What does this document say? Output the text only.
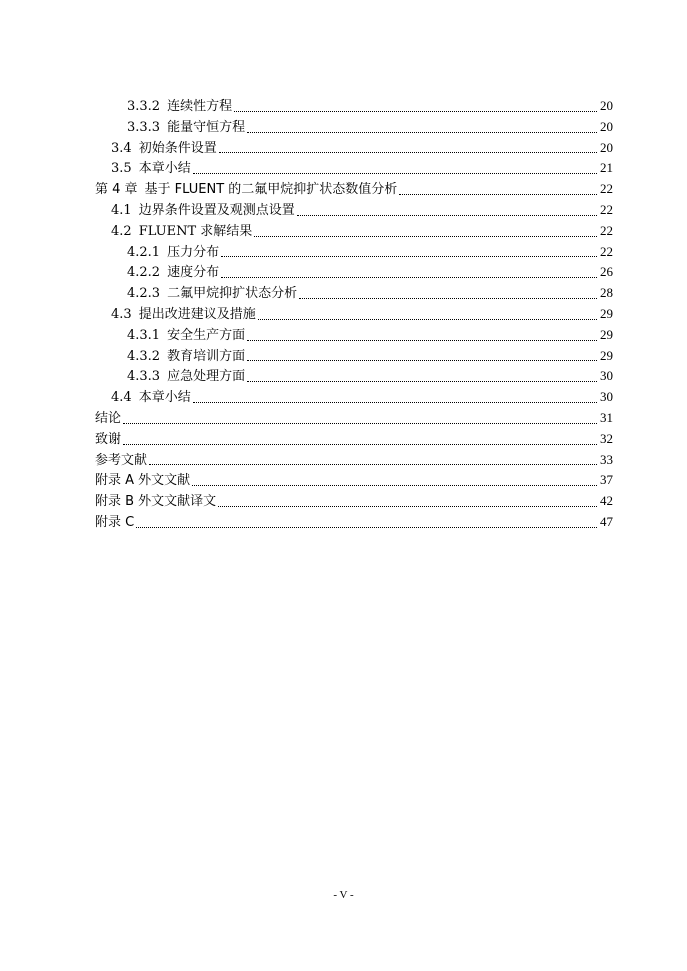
3.3.2 连续性方程	20
3.3.3 能量守恒方程	20
3.4 初始条件设置	20
3.5 本章小结	21
第 4 章 基于 FLUENT 的二氟甲烷抑扩状态数值分析	22
4.1 边界条件设置及观测点设置	22
4.2 FLUENT 求解结果	22
4.2.1 压力分布	22
4.2.2 速度分布	26
4.2.3 二氟甲烷抑扩状态分析	28
4.3 提出改进建议及措施	29
4.3.1 安全生产方面	29
4.3.2 教育培训方面	29
4.3.3 应急处理方面	30
4.4 本章小结	30
结论	31
致谢	32
参考文献	33
附录 A 外文文献	37
附录 B 外文文献译文	42
附录 C	47
- V -
